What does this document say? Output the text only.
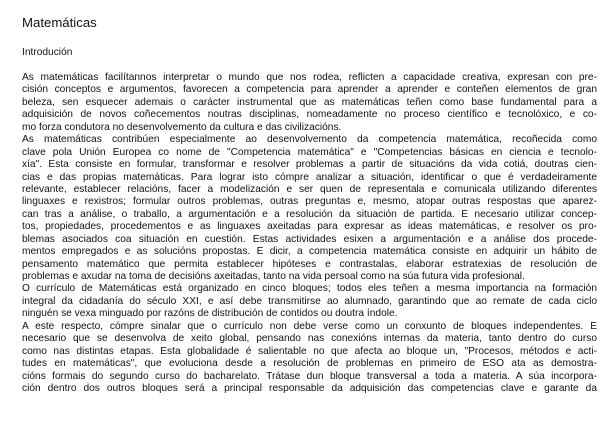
Matemáticas
Introdución
As matemáticas facilítannos interpretar o mundo que nos rodea, reflicten a capacidade creativa, expresan con pre-
cisión conceptos e argumentos, favorecen a competencia para aprender a aprender e conteñen elementos de gran
beleza, sen esquecer ademais o carácter instrumental que as matemáticas teñen como base fundamental para a
adquisición de novos coñecementos noutras disciplinas, nomeadamente no proceso científico e tecnolóxico, e co-
mo forza condutora no desenvolvemento da cultura e das civilizacións.
As matemáticas contribúen especialmente ao desenvolvemento da competencia matemática, recoñecida como
clave pola Unión Europea co nome de "Competencia matemática" e "Competencias básicas en ciencia e tecnolo-
xía". Esta consiste en formular, transformar e resolver problemas a partir de situacións da vida cotiá, doutras cien-
cias e das propias matemáticas. Para lograr isto cómpre analizar a situación, identificar o que é verdadeiramente
relevante, establecer relacións, facer a modelización e ser quen de representala e comunicala utilizando diferentes
linguaxes e rexistros; formular outros problemas, outras preguntas e, mesmo, atopar outras respostas que aparez-
can tras a análise, o traballo, a argumentación e a resolución da situación de partida. É necesario utilizar concep-
tos, propiedades, procedementos e as linguaxes axeitadas para expresar as ideas matemáticas, e resolver os pro-
blemas asociados coa situación en cuestión. Estas actividades esixen a argumentación e a análise dos procede-
mentos empregados e as solucións propostas. É dicir, a competencia matemática consiste en adquirir un hábito de
pensamento matemático que permita establecer hipóteses e contrastalas, elaborar estratexias de resolución de
problemas e axudar na toma de decisións axeitadas, tanto na vida persoal como na súa futura vida profesional.
O currículo de Matemáticas está organizado en cinco bloques; todos eles teñen a mesma importancia na formación
integral da cidadanía do século XXI, e así debe transmitirse ao alumnado, garantindo que ao remate de cada ciclo
ninguén se vexa minguado por razóns de distribución de contidos ou doutra índole.
A este respecto, cómpre sinalar que o currículo non debe verse como un conxunto de bloques independentes. É
necesario que se desenvolva de xeito global, pensando nas conexións internas da materia, tanto dentro do curso
como nas distintas etapas. Esta globalidade é salientable no que afecta ao bloque un, "Procesos, métodos e acti-
tudes en matemáticas", que evoluciona desde a resolución de problemas en primeiro de ESO ata as demostra-
cións formais do segundo curso do bacharelato. Trátase dun bloque transversal a toda a materia. A súa incorpora-
ción dentro dos outros bloques será a principal responsable da adquisición das competencias clave e garante da
